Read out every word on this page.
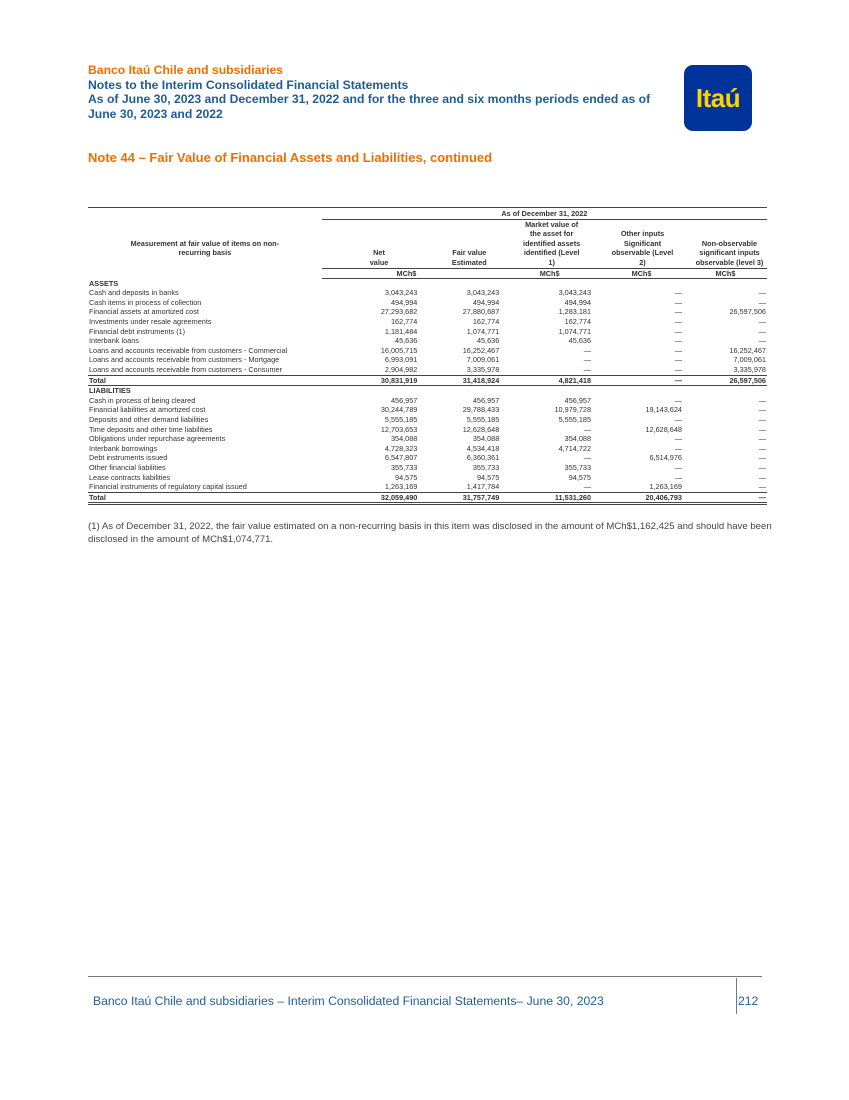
Banco Itaú Chile and subsidiaries
Notes to the Interim Consolidated Financial Statements
As of June 30, 2023 and December 31, 2022 and for the three and six months periods ended as of June 30, 2023 and 2022
Itaú
Note 44 – Fair Value of Financial Assets and Liabilities, continued

	As of December 31, 2022				
Measurement at fair value of items on non-recurring basis	Net value	Fair value Estimated	Market value of the asset for identified assets identified (Level 1)	Other inputs Significant observable (Level 2)	Non-observable significant inputs observable (level 3)
	MCh$		MCh$	MCh$	MCh$
ASSETS					
Cash and deposits in banks	3,043,243	3,043,243	3,043,243	—	—
Cash items in process of collection	494,994	494,994	494,994	—	—
Financial assets at amortized cost	27,293,682	27,880,687	1,283,181	—	26,597,506
Investments under resale agreements	162,774	162,774	162,774	—	—
Financial debt instruments (1)	1,181,484	1,074,771	1,074,771	—	—
Interbank loans	45,636	45,636	45,636	—	—
Loans and accounts receivable from customers - Commercial	16,005,715	16,252,467	—	—	16,252,467
Loans and accounts receivable from customers - Mortgage	6,993,091	7,009,061	—	—	7,009,061
Loans and accounts receivable from customers - Consumer	2,904,982	3,335,978	—	—	3,335,978
Total	30,831,919	31,418,924	4,821,418	—	26,597,506
LIABILITIES					
Cash in process of being cleared	456,957	456,957	456,957	—	—
Financial liabilities at amortized cost	30,244,789	29,788,433	10,979,728	19,143,624	—
Deposits and other demand liabilities	5,555,185	5,555,185	5,555,185	—	—
Time deposits and other time liabilities	12,703,653	12,628,648	—	12,628,648	—
Obligations under repurchase agreements	354,088	354,088	354,088	—	—
Interbank borrowings	4,728,323	4,534,418	4,714,722	—	—
Debt instruments issued	6,547,807	6,360,361	—	6,514,976	—
Other financial liabilities	355,733	355,733	355,733	—	—
Lease contracts liabilities	94,575	94,575	94,575	—	—
Financial instruments of regulatory capital issued	1,263,169	1,417,784	—	1,263,169	—
Total	32,059,490	31,757,749	11,531,260	20,406,793	—
(1) As of December 31, 2022, the fair value estimated on a non-recurring basis in this item was disclosed in the amount of MCh$1,162,425 and should have been disclosed in the amount of MCh$1,074,771.
Banco Itaú Chile and subsidiaries – Interim Consolidated Financial Statements– June 30, 2023	212
